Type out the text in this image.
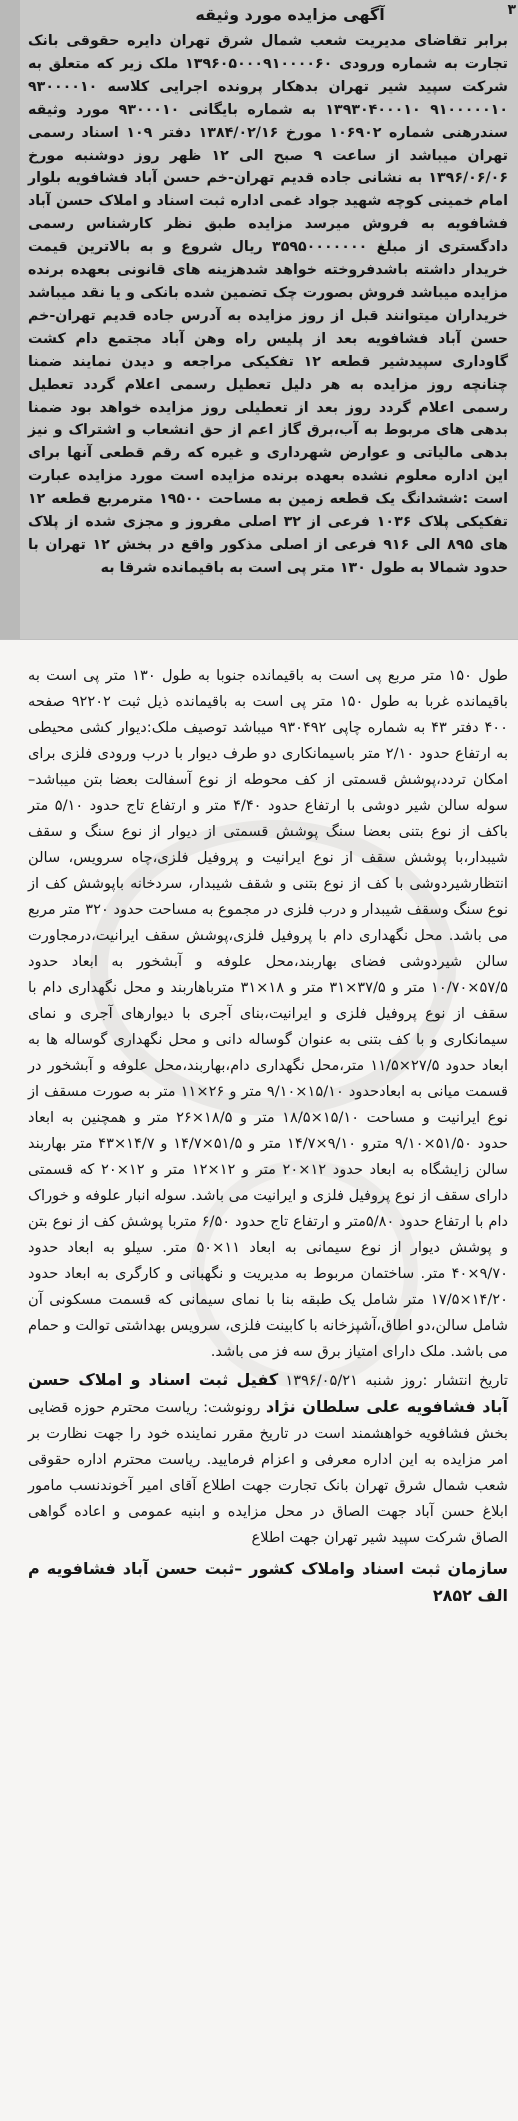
۳
آگهی مزایده مورد وثیقه

برابر تقاضای مدیریت شعب شمال شرق تهران دایره حقوقی بانک تجارت به شماره ورودی ۱۳۹۶۰۵۰۰۰۹۱۰۰۰۰۶۰ ملک زیر که متعلق به شرکت سپید شیر تهران بدهکار پرونده اجرایی کلاسه ۹۳۰۰۰۰۱۰ ۹۱۰۰۰۰۰۱۰ ۱۳۹۳۰۴۰۰۰۱۰ به شماره بایگانی ۹۳۰۰۰۱۰ مورد وثیقه سندرهنی شماره ۱۰۶۹۰۲ مورخ ۱۳۸۴/۰۲/۱۶ دفتر ۱۰۹ اسناد رسمی تهران میباشد از ساعت ۹ صبح الی ۱۲ ظهر روز دوشنبه مورخ ۱۳۹۶/۰۶/۰۶ به نشانی جاده قدیم تهران-خم حسن آباد فشافویه بلوار امام خمینی کوچه شهید جواد غمی اداره ثبت اسناد و املاک حسن آباد فشافویه به فروش میرسد مزایده طبق نظر کارشناس رسمی دادگستری از مبلغ ۳۵۹۵۰۰۰۰۰۰۰ ریال شروع و به بالاترین قیمت خریدار داشته باشدفروخته خواهد شدهزینه های قانونی بعهده برنده مزایده میباشد فروش بصورت چک تضمین شده بانکی و یا نقد میباشد خریداران میتوانند قبل از روز مزایده به آدرس جاده قدیم تهران-خم حسن آباد فشافویه بعد از پلیس راه وهن آباد مجتمع دام کشت گاوداری سپیدشیر قطعه ۱۲ تفکیکی مراجعه و دیدن نمایند ضمنا چنانچه روز مزایده به هر دلیل تعطیل رسمی اعلام گردد تعطیل رسمی اعلام گردد روز بعد از تعطیلی روز مزایده خواهد بود ضمنا بدهی های مربوط به آب،برق گاز اعم از حق انشعاب و اشتراک و نیز بدهی مالیاتی و عوارض شهرداری و غیره که رقم قطعی آنها برای این اداره معلوم نشده بعهده برنده مزایده است مورد مزایده عبارت است :ششدانگ یک قطعه زمین به مساحت ۱۹۵۰۰ مترمربع قطعه ۱۲ تفکیکی پلاک ۱۰۳۶ فرعی از ۳۲ اصلی مفروز و مجزی شده از پلاک های ۸۹۵ الی ۹۱۶ فرعی از اصلی مذکور واقع در بخش ۱۲ تهران با حدود شمالا به طول ۱۳۰ متر پی است به باقیمانده شرقا به

طول ۱۵۰ متر مربع پی است به باقیمانده جنوبا به طول ۱۳۰ متر پی است به باقیمانده غربا به طول ۱۵۰ متر پی است به باقیمانده ذیل ثبت ۹۲۲۰۲ صفحه ۴۰۰ دفتر ۴۳ به شماره چاپی ۹۳۰۴۹۲ میباشد توصیف ملک:دیوار کشی محیطی به ارتفاع حدود ۲/۱۰ متر باسیمانکاری دو طرف دیوار با درب ورودی فلزی برای امکان تردد،پوشش قسمتی از کف محوطه از نوع آسفالت بعضا بتن میباشد–سوله سالن شیر دوشی با ارتفاع حدود ۴/۴۰ متر و ارتفاع تاج حدود ۵/۱۰ متر باکف از نوع بتنی بعضا سنگ پوشش قسمتی از دیوار از نوع سنگ و سقف شیبدار،با پوشش سقف از نوع ایرانیت و پروفیل فلزی،چاه سرویس، سالن انتظارشیردوشی با کف از نوع بتنی و شقف شیبدار، سردخانه باپوشش کف از نوع سنگ وسقف شیبدار و درب فلزی در مجموع به مساحت حدود ۳۲۰ متر مربع می باشد. محل نگهداری دام با پروفیل فلزی،پوشش سقف ایرانیت،درمجاورت سالن شیردوشی فضای بهاربند،محل علوفه و آبشخور به ابعاد حدود ۵۷/۵×۱۰/۷۰ متر و ۳۷/۵×۳۱ متر و ۱۸×۳۱ مترباهاربند و محل نگهداری دام با سقف از نوع پروفیل فلزی و ایرانیت،بنای آجری با دیوارهای آجری و نمای سیمانکاری و با کف بتنی به عنوان گوساله دانی و محل نگهداری گوساله ها به ابعاد حدود ۲۷/۵×۱۱/۵ متر،محل نگهداری دام،بهاربند،محل علوفه و آبشخور در قسمت میانی به ابعادحدود ۱۵/۱۰×۹/۱۰ متر و ۲۶×۱۱ متر به صورت مسقف از نوع ایرانیت و مساحت ۱۵/۱۰×۱۸/۵ متر و ۱۸/۵×۲۶ متر و همچنین به ابعاد حدود ۵۱/۵۰×۹/۱۰ مترو ۹/۱۰×۱۴/۷ متر و ۵۱/۵×۱۴/۷ و ۱۴/۷×۴۳ متر بهاربند سالن زایشگاه به ابعاد حدود ۱۲×۲۰ متر و ۱۲×۱۲ متر و ۱۲×۲۰ که قسمتی دارای سقف از نوع پروفیل فلزی و ایرانیت می باشد. سوله انبار علوفه و خوراک دام با ارتفاع حدود ۵/۸۰متر و ارتفاع تاج حدود ۶/۵۰ متربا پوشش کف از نوع بتن و پوشش دیوار از نوع سیمانی به ابعاد ۱۱×۵۰ متر. سیلو به ابعاد حدود ۹/۷۰×۴۰ متر. ساختمان مربوط به مدیریت و نگهبانی و کارگری به ابعاد حدود ۱۴/۲۰×۱۷/۵ متر شامل یک طبقه بنا با نمای سیمانی که قسمت مسکونی آن شامل سالن،دو اطاق،آشپزخانه با کابینت فلزی، سرویس بهداشتی توالت و حمام می باشد. ملک دارای امتیاز برق سه فز می باشد.

تاریخ انتشار :روز شنبه ۱۳۹۶/۰۵/۲۱ کفیل ثبت اسناد و املاک حسن آباد فشافویه علی سلطان نژاد رونوشت: ریاست محترم حوزه قضایی بخش فشافویه خواهشمند است در تاریخ مقرر نماینده خود را جهت نظارت بر امر مزایده به این اداره معرفی و اعزام فرمایید. ریاست محترم اداره حقوقی شعب شمال شرق تهران بانک تجارت جهت اطلاع آقای امیر آخوندنسب مامور ابلاغ حسن آباد جهت الصاق در محل مزایده و ابنیه عمومی و اعاده گواهی الصاق شرکت سپید شیر تهران جهت اطلاع

سازمان ثبت اسناد واملاک کشور –ثبت حسن آباد فشافویه م الف ۲۸۵۲
